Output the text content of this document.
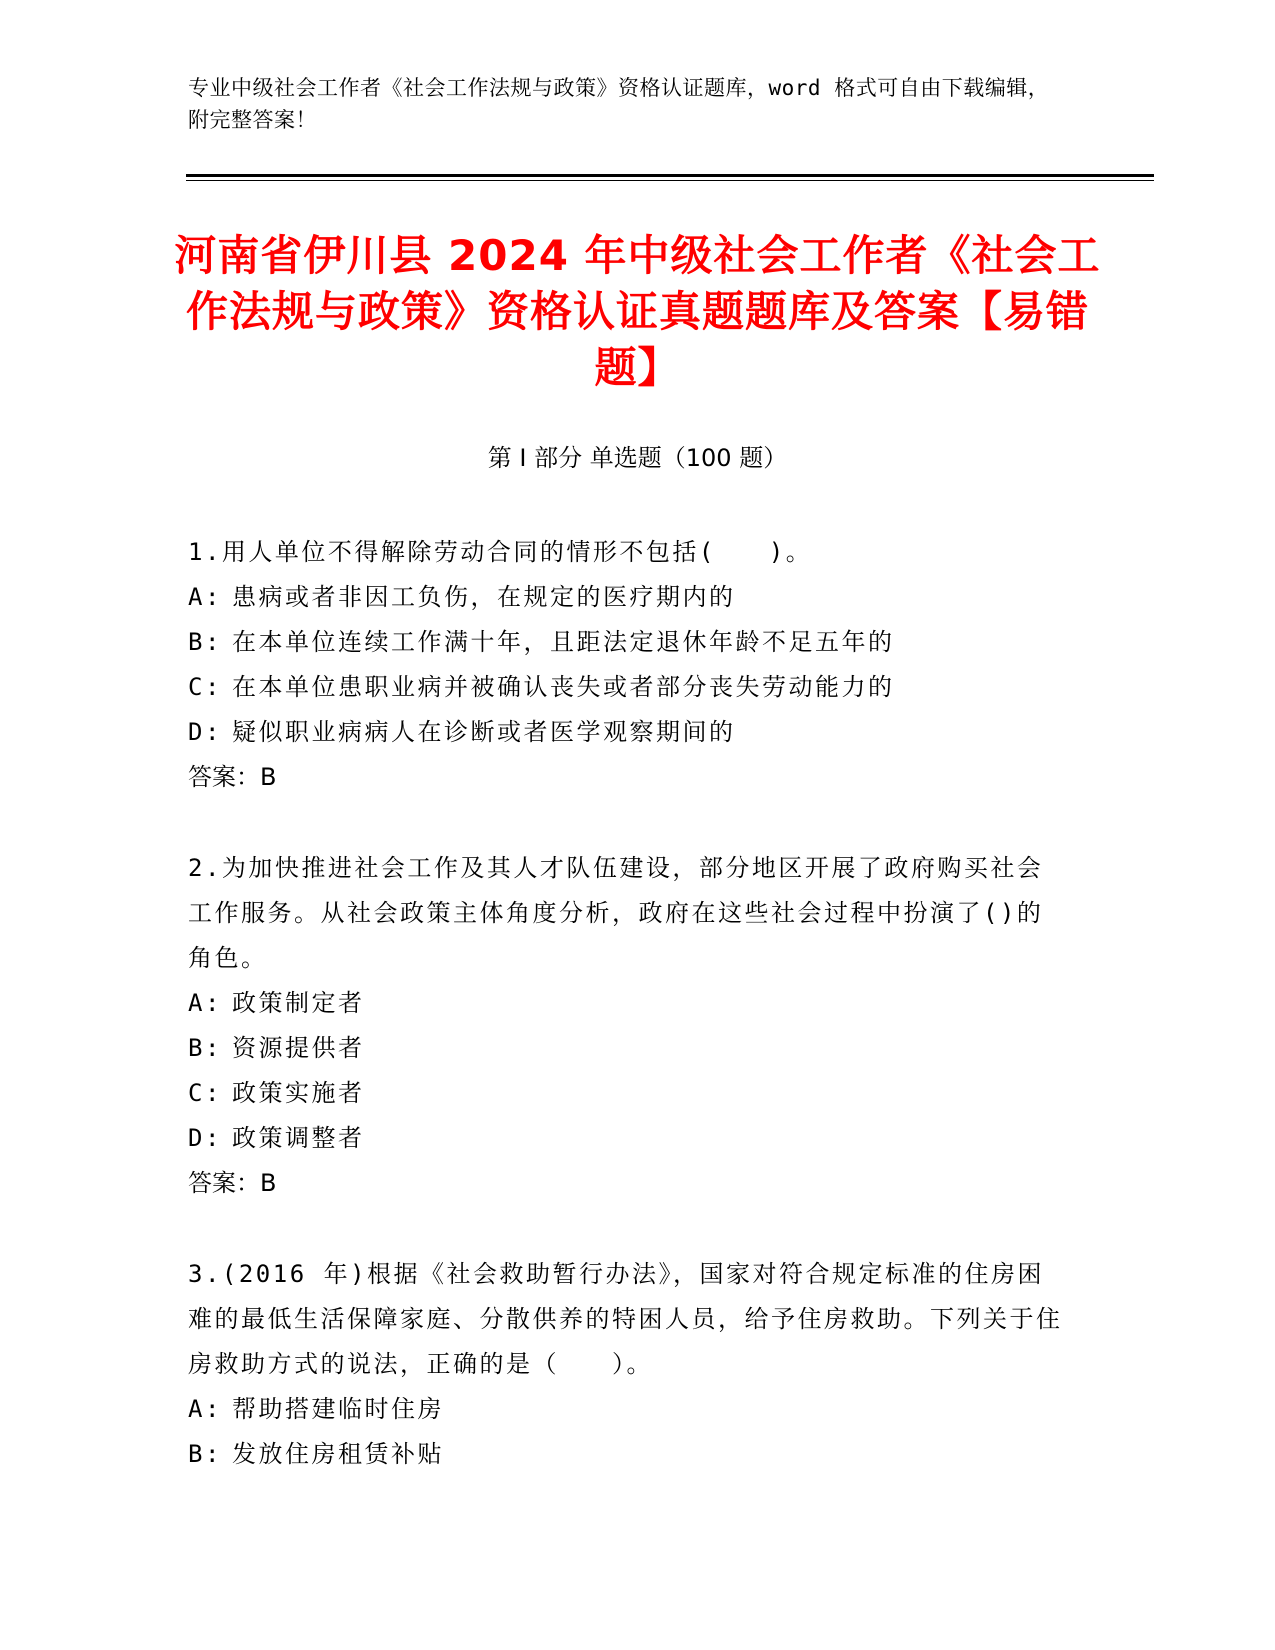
专业中级社会工作者《社会工作法规与政策》资格认证题库，word 格式可自由下载编辑，附完整答案！
河南省伊川县 2024 年中级社会工作者《社会工作法规与政策》资格认证真题题库及答案【易错题】
第 I 部分 单选题（100 题）
1.用人单位不得解除劳动合同的情形不包括(　　)。
A: 患病或者非因工负伤，在规定的医疗期内的
B: 在本单位连续工作满十年，且距法定退休年龄不足五年的
C: 在本单位患职业病并被确认丧失或者部分丧失劳动能力的
D: 疑似职业病病人在诊断或者医学观察期间的
答案：B
2.为加快推进社会工作及其人才队伍建设，部分地区开展了政府购买社会工作服务。从社会政策主体角度分析，政府在这些社会过程中扮演了()的角色。
A: 政策制定者
B: 资源提供者
C: 政策实施者
D: 政策调整者
答案：B
3.(2016 年)根据《社会救助暂行办法》，国家对符合规定标准的住房困难的最低生活保障家庭、分散供养的特困人员，给予住房救助。下列关于住房救助方式的说法，正确的是（　　）。
A: 帮助搭建临时住房
B: 发放住房租赁补贴
